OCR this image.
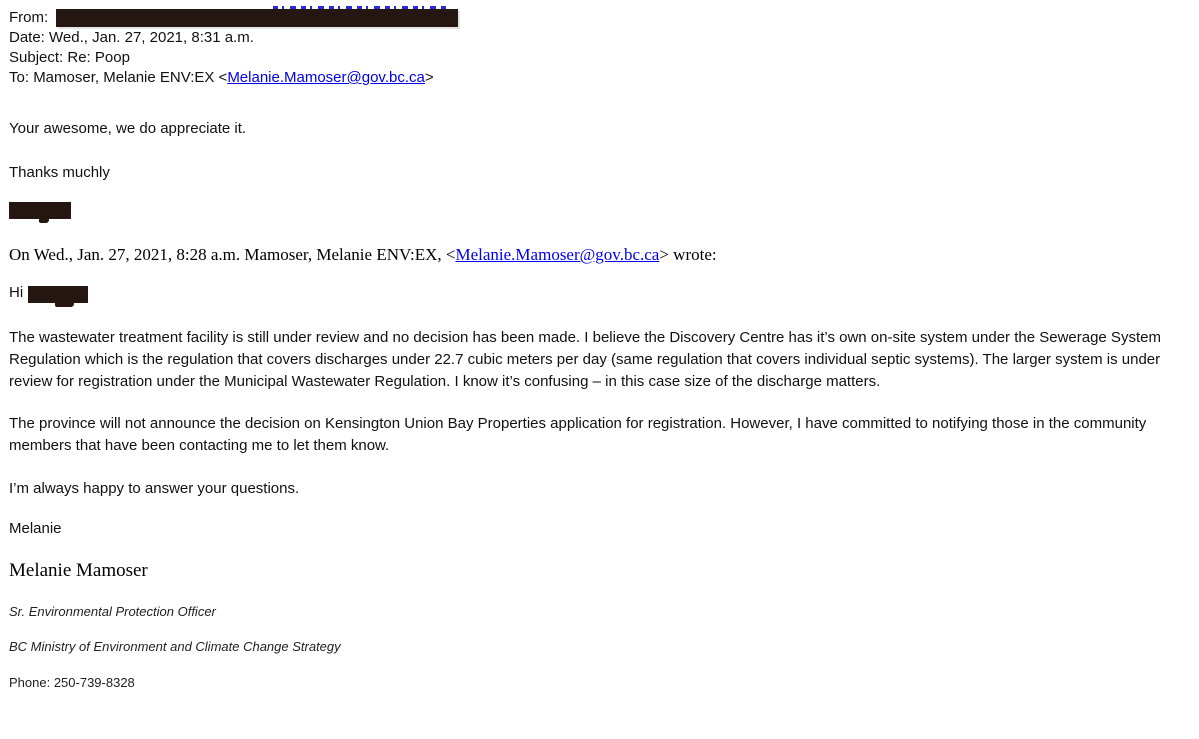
From:
Date: Wed., Jan. 27, 2021, 8:31 a.m.
Subject: Re: Poop
To: Mamoser, Melanie ENV:EX <Melanie.Mamoser@gov.bc.ca>

Your awesome, we do appreciate it.

Thanks muchly

On Wed., Jan. 27, 2021, 8:28 a.m. Mamoser, Melanie ENV:EX, <Melanie.Mamoser@gov.bc.ca> wrote:
Hi

The wastewater treatment facility is still under review and no decision has been made. I believe the Discovery Centre has it’s own on-site system under the Sewerage System Regulation which is the regulation that covers discharges under 22.7 cubic meters per day (same regulation that covers individual septic systems). The larger system is under review for registration under the Municipal Wastewater Regulation. I know it’s confusing – in this case size of the discharge matters.

The province will not announce the decision on Kensington Union Bay Properties application for registration. However, I have committed to notifying those in the community members that have been contacting me to let them know.

I’m always happy to answer your questions.

Melanie

Melanie Mamoser

Sr. Environmental Protection Officer

BC Ministry of Environment and Climate Change Strategy

Phone: 250-739-8328
